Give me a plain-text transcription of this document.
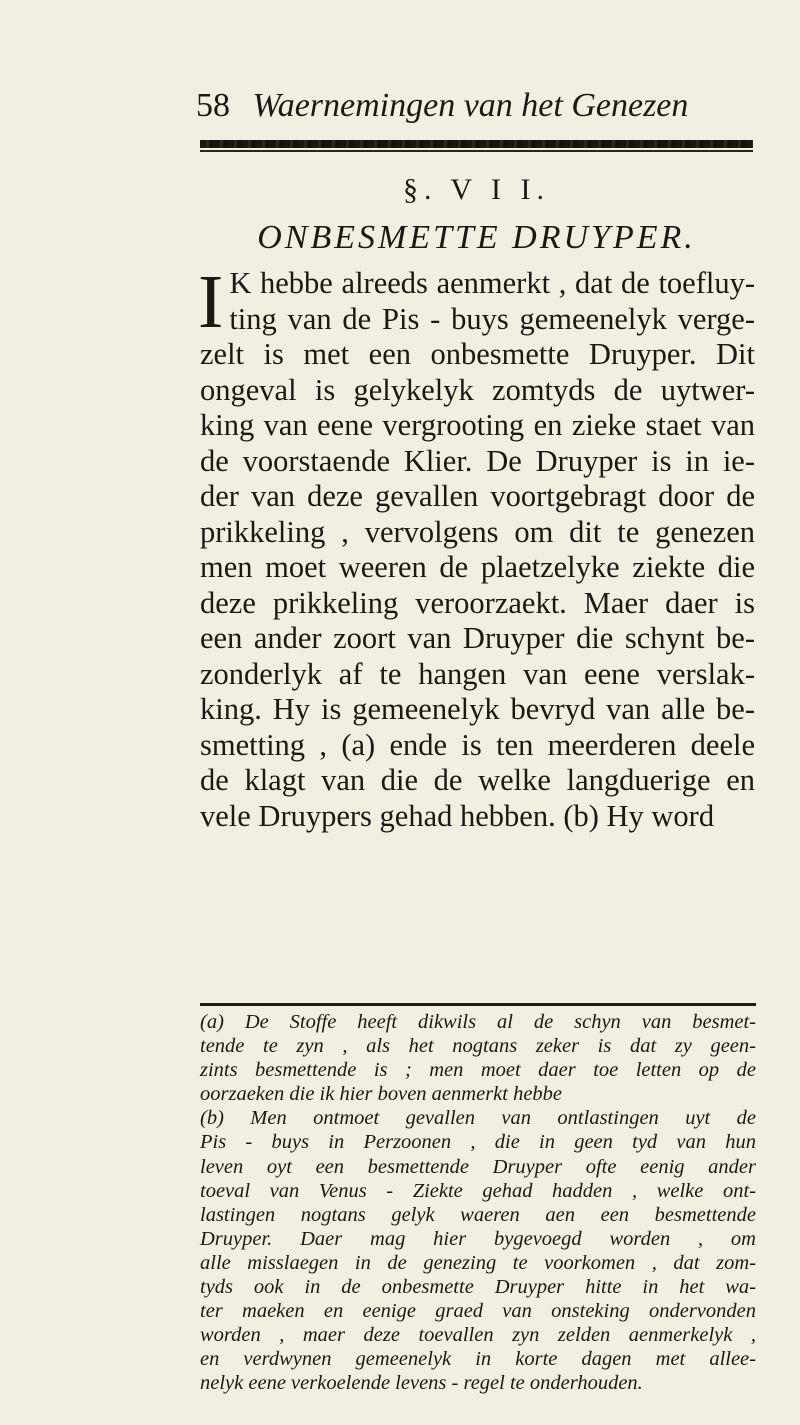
58 Waernemingen van het Genezen
§. V I I.
ONBESMETTE DRUYPER.
I K hebbe alreeds aenmerkt , dat de toefluy-
ting van de Pis - buys gemeenelyk verge-
zelt is met een onbesmette Druyper. Dit
ongeval is gelykelyk zomtyds de uytwer-
king van eene vergrooting en zieke staet van
de voorstaende Klier. De Druyper is in ie-
der van deze gevallen voortgebragt door de
prikkeling , vervolgens om dit te genezen
men moet weeren de plaetzelyke ziekte die
deze prikkeling veroorzaekt. Maer daer is
een ander zoort van Druyper die schynt be-
zonderlyk af te hangen van eene verslak-
king. Hy is gemeenelyk bevryd van alle be-
smetting , (a) ende is ten meerderen deele
de klagt van die de welke langduerige en
vele Druypers gehad hebben. (b) Hy word
(a) De Stoffe heeft dikwils al de schyn van besmet-
tende te zyn , als het nogtans zeker is dat zy geen-
zints besmettende is ; men moet daer toe letten op de
oorzaeken die ik hier boven aenmerkt hebbe
(b) Men ontmoet gevallen van ontlastingen uyt de
Pis - buys in Perzoonen , die in geen tyd van hun
leven oyt een besmettende Druyper ofte eenig ander
toeval van Venus - Ziekte gehad hadden , welke ont-
lastingen nogtans gelyk waeren aen een besmettende
Druyper. Daer mag hier bygevoegd worden , om
alle misslaegen in de genezing te voorkomen , dat zom-
tyds ook in de onbesmette Druyper hitte in het wa-
ter maeken en eenige graed van onsteking ondervonden
worden , maer deze toevallen zyn zelden aenmerkelyk ,
en verdwynen gemeenelyk in korte dagen met allee-
nelyk eene verkoelende levens - regel te onderhouden.
